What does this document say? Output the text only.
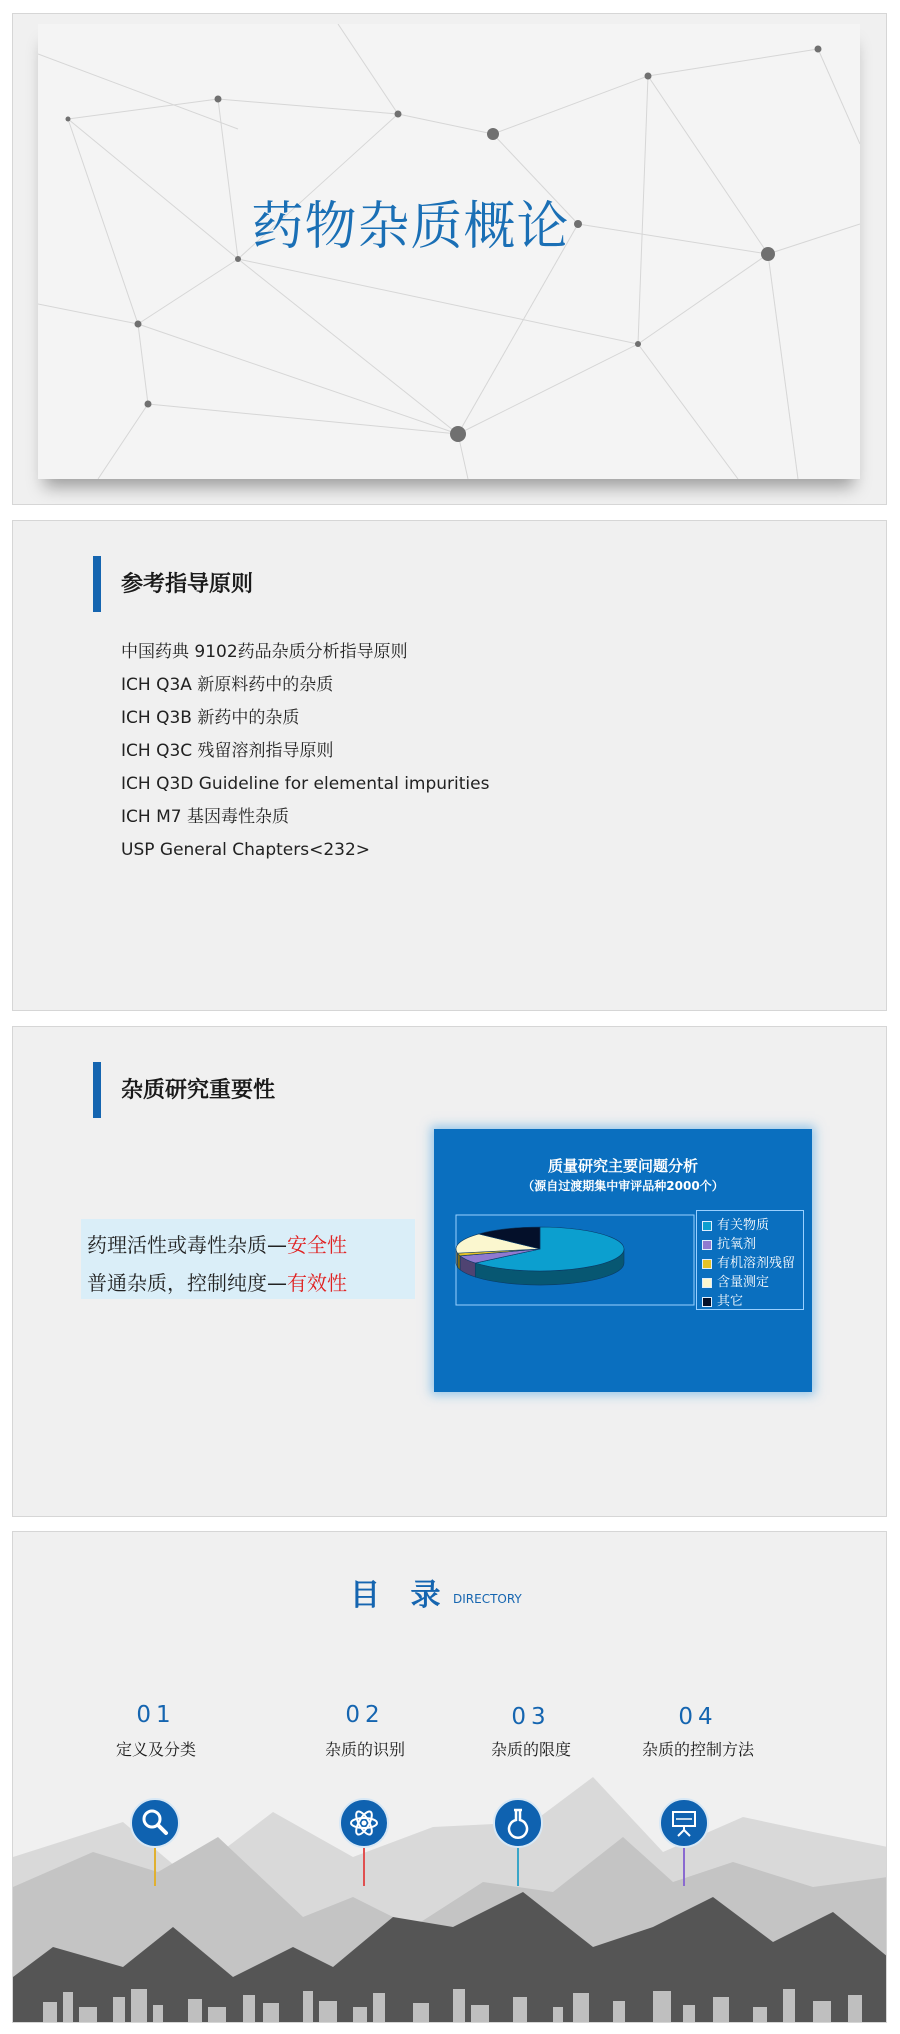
药物杂质概论
参考指导原则
中国药典 9102药品杂质分析指导原则
ICH Q3A 新原料药中的杂质
ICH Q3B 新药中的杂质
ICH Q3C 残留溶剂指导原则
ICH Q3D Guideline for elemental impurities
ICH M7 基因毒性杂质
USP General Chapters<232>
杂质研究重要性
药理活性或毒性杂质—安全性
普通杂质，控制纯度—有效性
质量研究主要问题分析
（源自过渡期集中审评品种2000个）
有关物质
抗氧剂
有机溶剂残留
含量测定
其它
目 录 DIRECTORY
01
定义及分类
02
杂质的识别
03
杂质的限度
04
杂质的控制方法
